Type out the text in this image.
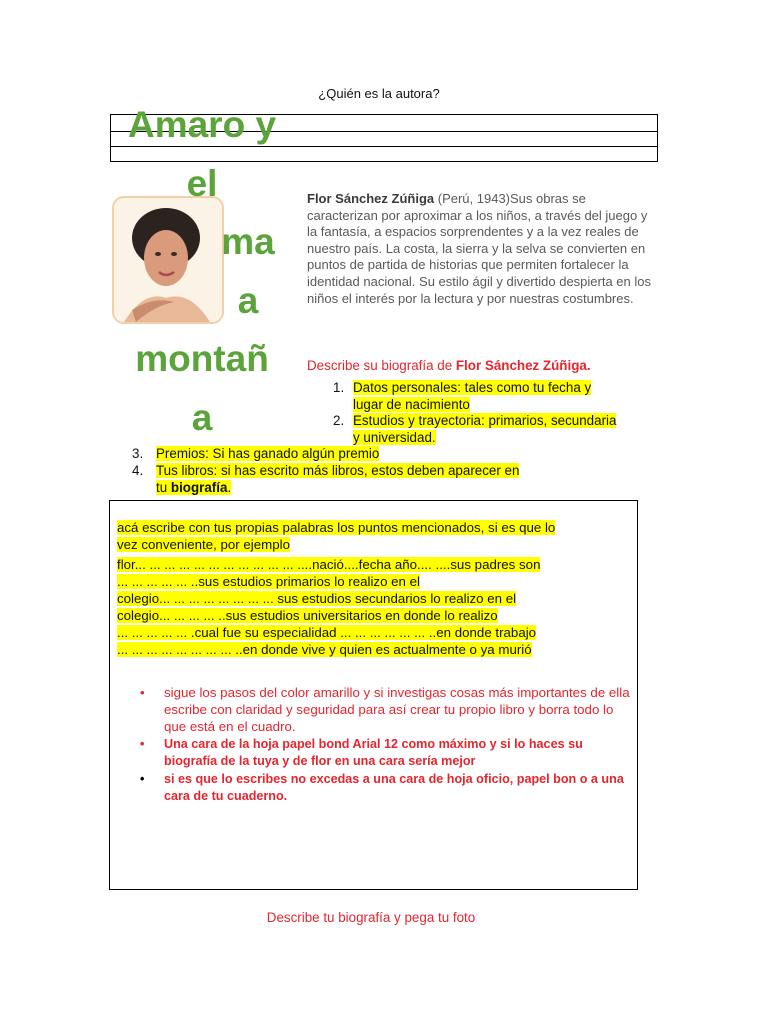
¿Quién es la autora?
Amaro y
el
ma
a
montañ
a
Flor Sánchez Zúñiga (Perú, 1943)Sus obras se caracterizan por aproximar a los niños, a través del juego y la fantasía, a espacios sorprendentes y a la vez reales de nuestro país. La costa, la sierra y la selva se convierten en puntos de partida de historias que permiten fortalecer la identidad nacional. Su estilo ágil y divertido despierta en los niños el interés por la lectura y por nuestras costumbres.
Describe su biografía de Flor Sánchez Zúñiga.
1. Datos personales: tales como tu fecha y
lugar de nacimiento
2. Estudios y trayectoria: primarios, secundaria
y universidad.
3. Premios: Si has ganado algún premio
4. Tus libros: si has escrito más libros, estos deben aparecer en
tu biografía.
acá escribe con tus propias palabras los puntos mencionados, si es que lo
vez conveniente, por ejemplo

flor... ... ... ... ... ... ... ... ... ... ... ....nació....fecha año.... ....sus padres son
... ... ... ... ... ..sus estudios primarios lo realizo en el
colegio... ... ... ... ... ... ... ... sus estudios secundarios lo realizo en el
colegio... ... ... ... ..sus estudios universitarios en donde lo realizo
... ... ... ... ... .cual fue su especialidad ... ... ... ... ... ... ..en donde trabajo
... ... ... ... ... ... ... ... ..en donde vive y quien es actualmente o ya murió
• sigue los pasos del color amarillo y si investigas cosas más importantes de ella escribe con claridad y seguridad para así crear tu propio libro y borra todo lo que está en el cuadro.
• Una cara de la hoja papel bond Arial 12 como máximo y si lo haces su biografía de la tuya y de flor en una cara sería mejor
• si es que lo escribes no excedas a una cara de hoja oficio, papel bon o a una cara de tu cuaderno.
Describe tu biografía y pega tu foto
